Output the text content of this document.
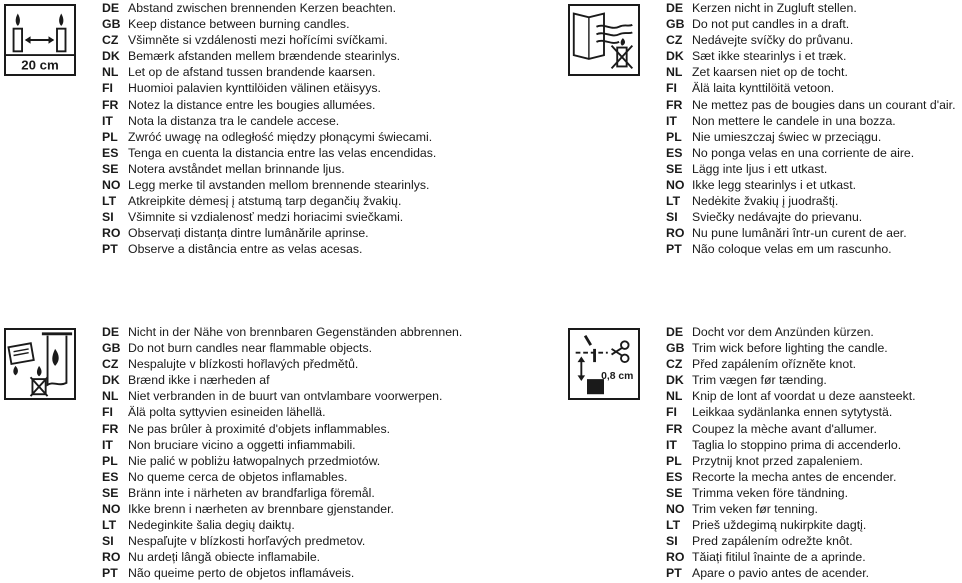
20 cm
DE Abstand zwischen brennenden Kerzen beachten.
GB Keep distance between burning candles.
CZ Všimněte si vzdálenosti mezi hořícími svíčkami.
DK Bemærk afstanden mellem brændende stearinlys.
NL Let op de afstand tussen brandende kaarsen.
FI	Huomioi palavien kynttilöiden välinen etäisyys.
FR Notez la distance entre les bougies allumées.
IT	Nota la distanza tra le candele accese.
PL Zwróć uwagę na odległość między płonącymi świecami.
ES Tenga en cuenta la distancia entre las velas encendidas.
SE Notera avståndet mellan brinnande ljus.
NO Legg merke til avstanden mellom brennende stearinlys.
LT Atkreipkite dėmesį į atstumą tarp degančių žvakių.
SI	Všimnite si vzdialenosť medzi horiacimi sviečkami.
RO Observați distanța dintre lumânările aprinse.
PT Observe a distância entre as velas acesas.
DE Kerzen nicht in Zugluft stellen.
GB Do not put candles in a draft.
CZ Nedávejte svíčky do průvanu.
DK Sæt ikke stearinlys i et træk.
NL Zet kaarsen niet op de tocht.
FI	Älä laita kynttilöitä vetoon.
FR Ne mettez pas de bougies dans un courant d'air.
IT	Non mettere le candele in una bozza.
PL Nie umieszczaj świec w przeciągu.
ES No ponga velas en una corriente de aire.
SE Lägg inte ljus i ett utkast.
NO Ikke legg stearinlys i et utkast.
LT Nedėkite žvakių į juodraštį.
SI	Sviečky nedávajte do prievanu.
RO Nu pune lumânări într-un curent de aer.
PT Não coloque velas em um rascunho.
DE Nicht in der Nähe von brennbaren Gegenständen abbrennen.
GB Do not burn candles near flammable objects.
CZ Nespalujte v blízkosti hořlavých předmětů.
DK Brænd ikke i nærheden af
NL Niet verbranden in de buurt van ontvlambare voorwerpen.
FI	Älä polta syttyvien esineiden lähellä.
FR Ne pas brûler à proximité d'objets inflammables.
IT	Non bruciare vicino a oggetti infiammabili.
PL Nie palić w pobliżu łatwopalnych przedmiotów.
ES No queme cerca de objetos inflamables.
SE Bränn inte i närheten av brandfarliga föremål.
NO Ikke brenn i nærheten av brennbare gjenstander.
LT Nedeginkite šalia degių daiktų.
SI	Nespaľujte v blízkosti horľavých predmetov.
RO Nu ardeți lângă obiecte inflamabile.
PT Não queime perto de objetos inflamáveis.
0,8 cm
DE Docht vor dem Anzünden kürzen.
GB Trim wick before lighting the candle.
CZ Před zapálením ořízněte knot.
DK Trim vægen før tænding.
NL Knip de lont af voordat u deze aansteekt.
FI	Leikkaa sydänlanka ennen sytytystä.
FR Coupez la mèche avant d'allumer.
IT	Taglia lo stoppino prima di accenderlo.
PL Przytnij knot przed zapaleniem.
ES Recorte la mecha antes de encender.
SE Trimma veken före tändning.
NO Trim veken før tenning.
LT Prieš uždegimą nukirpkite dagtį.
SI	Pred zapálením odrežte knôt.
RO Tăiați fitilul înainte de a aprinde.
PT Apare o pavio antes de acender.
